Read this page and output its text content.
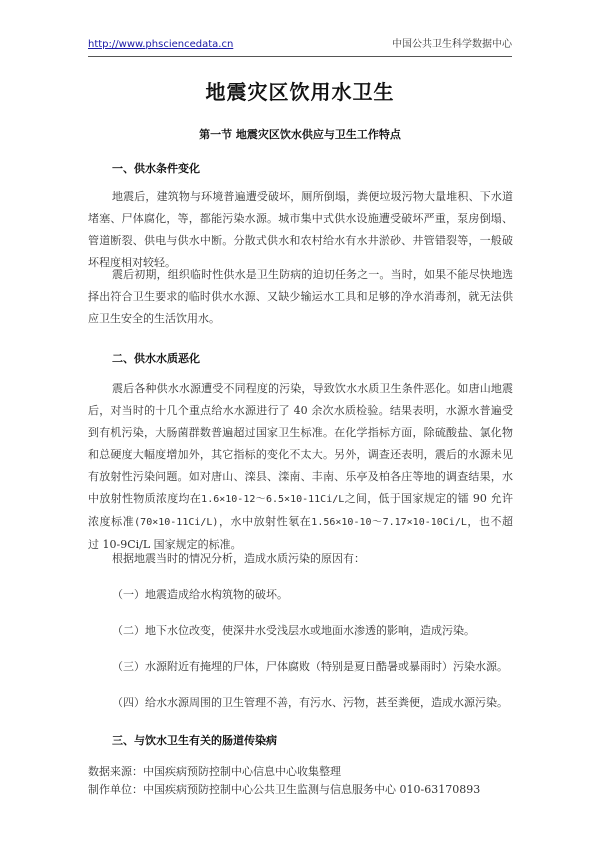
http://www.phsciencedata.cn	中国公共卫生科学数据中心
地震灾区饮用水卫生
第一节 地震灾区饮水供应与卫生工作特点
一、供水条件变化

地震后，建筑物与环境普遍遭受破坏，厕所倒塌，粪便垃圾污物大量堆积、下水道堵塞、尸体腐化，等，都能污染水源。城市集中式供水设施遭受破坏严重，泵房倒塌、管道断裂、供电与供水中断。分散式供水和农村给水有水井淤砂、井管错裂等，一般破坏程度相对较轻。

震后初期，组织临时性供水是卫生防病的迫切任务之一。当时，如果不能尽快地选择出符合卫生要求的临时供水水源、又缺少输运水工具和足够的净水消毒剂，就无法供应卫生安全的生活饮用水。

二、供水水质恶化

震后各种供水水源遭受不同程度的污染，导致饮水水质卫生条件恶化。如唐山地震后，对当时的十几个重点给水水源进行了 40 余次水质检验。结果表明，水源水普遍受到有机污染，大肠菌群数普遍超过国家卫生标准。在化学指标方面，除硫酸盐、氯化物和总硬度大幅度增加外，其它指标的变化不太大。另外，调查还表明，震后的水源未见有放射性污染问题。如对唐山、滦县、滦南、丰南、乐亭及柏各庄等地的调查结果，水中放射性物质浓度均在1.6×10-12～6.5×10-11Ci/L之间，低于国家规定的镭 90 允许浓度标准(70×10-11Ci/L)，水中放射性氡在1.56×10-10～7.17×10-10Ci/L，也不超过 10-9Ci/L 国家规定的标准。

根据地震当时的情况分析，造成水质污染的原因有：
（一）地震造成给水构筑物的破坏。
（二）地下水位改变，使深井水受浅层水或地面水渗透的影响，造成污染。
（三）水源附近有掩埋的尸体，尸体腐败（特别是夏日酷暑或暴雨时）污染水源。
（四）给水水源周围的卫生管理不善，有污水、污物，甚至粪便，造成水源污染。
三、与饮水卫生有关的肠道传染病
数据来源：中国疾病预防控制中心信息中心收集整理
制作单位：中国疾病预防控制中心公共卫生监测与信息服务中心 010-63170893
